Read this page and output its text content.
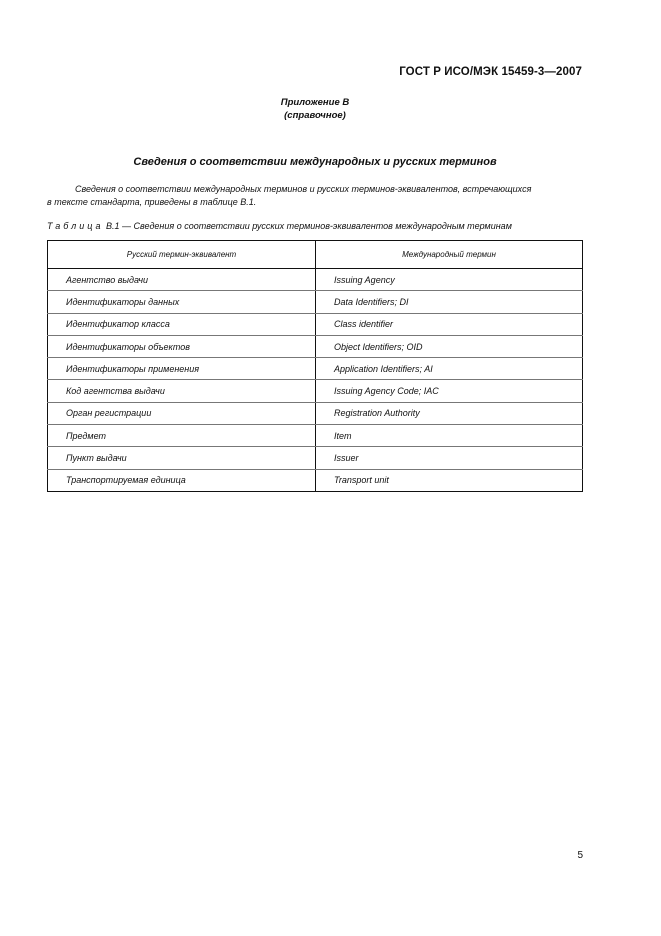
ГОСТ Р ИСО/МЭК 15459-3—2007
Приложение В
(справочное)
Сведения о соответствии международных и русских терминов
Сведения о соответствии международных терминов и русских терминов-эквивалентов, встречающихся
в тексте стандарта, приведены в таблице В.1.
Таблица В.1 — Сведения о соответствии русских терминов-эквивалентов международным терминам
Русский термин-эквивалент	Международный термин
Агентство выдачи	Issuing Agency
Идентификаторы данных	Data Identifiers; DI
Идентификатор класса	Class identifier
Идентификаторы объектов	Object Identifiers; OID
Идентификаторы применения	Application Identifiers; AI
Код агентства выдачи	Issuing Agency Code; IAC
Орган регистрации	Registration Authority
Предмет	Item
Пункт выдачи	Issuer
Транспортируемая единица	Transport unit
5
